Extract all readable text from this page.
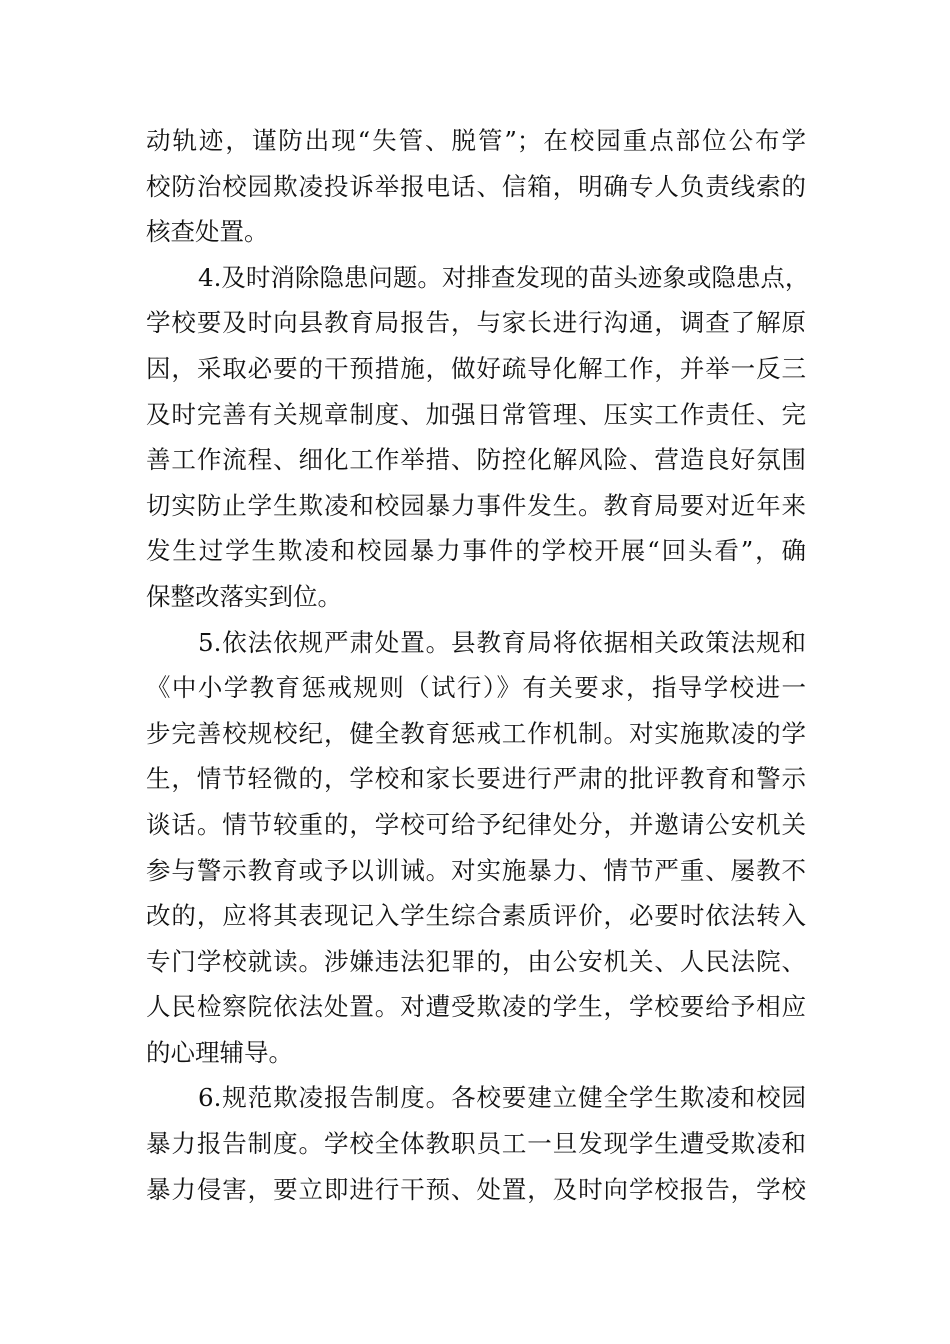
动轨迹，谨防出现“失管、脱管”；在校园重点部位公布学
校防治校园欺凌投诉举报电话、信箱，明确专人负责线索的
核查处置。
4.及时消除隐患问题。对排查发现的苗头迹象或隐患点，
学校要及时向县教育局报告，与家长进行沟通，调查了解原
因，采取必要的干预措施，做好疏导化解工作，并举一反三
及时完善有关规章制度、加强日常管理、压实工作责任、完
善工作流程、细化工作举措、防控化解风险、营造良好氛围
切实防止学生欺凌和校园暴力事件发生。教育局要对近年来
发生过学生欺凌和校园暴力事件的学校开展“回头看”，确
保整改落实到位。
5.依法依规严肃处置。县教育局将依据相关政策法规和
《中小学教育惩戒规则（试行）》有关要求，指导学校进一
步完善校规校纪，健全教育惩戒工作机制。对实施欺凌的学
生，情节轻微的，学校和家长要进行严肃的批评教育和警示
谈话。情节较重的，学校可给予纪律处分，并邀请公安机关
参与警示教育或予以训诫。对实施暴力、情节严重、屡教不
改的，应将其表现记入学生综合素质评价，必要时依法转入
专门学校就读。涉嫌违法犯罪的，由公安机关、人民法院、
人民检察院依法处置。对遭受欺凌的学生，学校要给予相应
的心理辅导。
6.规范欺凌报告制度。各校要建立健全学生欺凌和校园
暴力报告制度。学校全体教职员工一旦发现学生遭受欺凌和
暴力侵害，要立即进行干预、处置，及时向学校报告，学校
